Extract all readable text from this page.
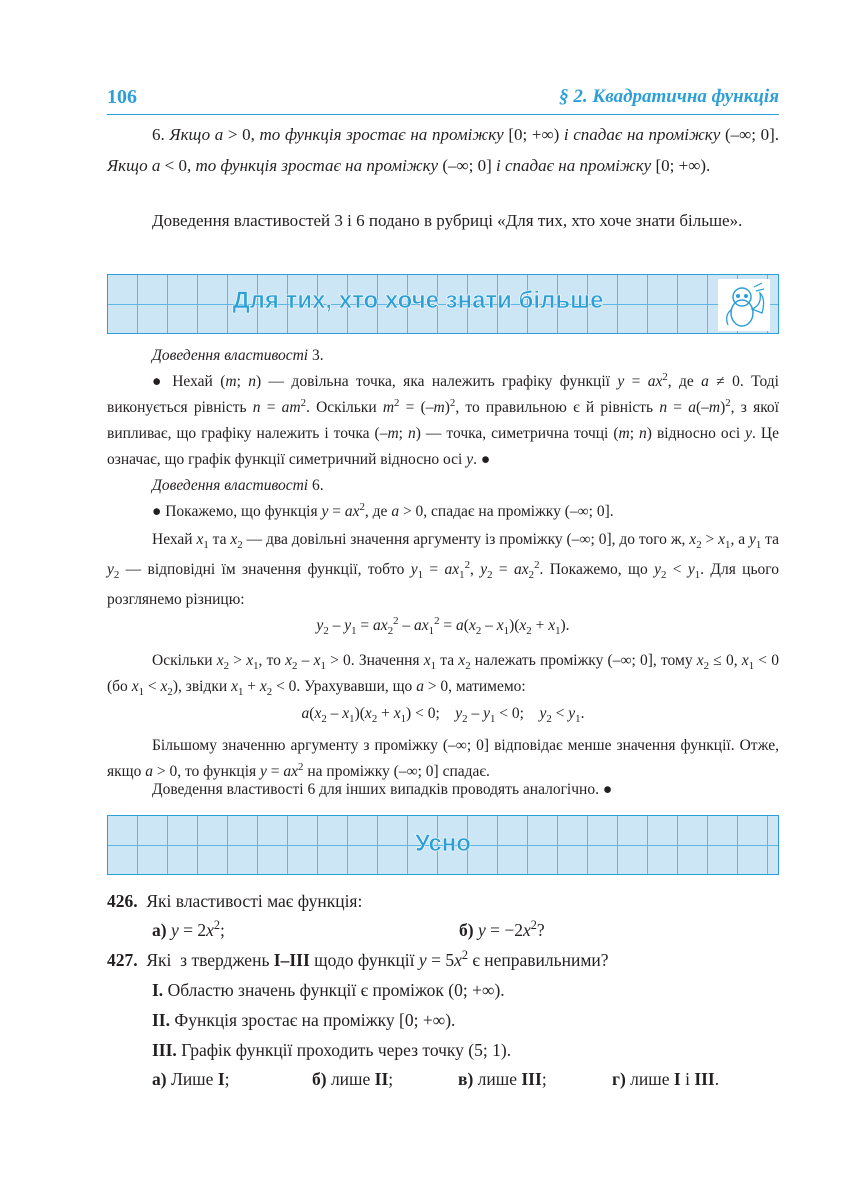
106	§ 2. Квадратична функція
6. Якщо a > 0, то функція зростає на проміжку [0; +∞) і спадає на проміжку (–∞; 0]. Якщо a < 0, то функція зростає на проміжку (–∞; 0] і спадає на проміжку [0; +∞).
Доведення властивостей 3 і 6 подано в рубриці «Для тих, хто хоче знати більше».
Для тих, хто хоче знати більше
Доведення властивості 3.
● Нехай (m; n) — довільна точка, яка належить графіку функції $y = ax^2$, де a ≠ 0. Тоді виконується рівність $n = am^2$. Оскільки $m^2 = (-m)^2$, то правильною є й рівність $n = a(-m)^2$, з якої випливає, що графіку належить і точка (–m; n) — точка, симетрична точці (m; n) відносно осі y. Це означає, що графік функції симетричний відносно осі y. ●
Доведення властивості 6.
● Покажемо, що функція $y = ax^2$, де a > 0, спадає на проміжку (–∞; 0].
Нехай $x_1$ та $x_2$ — два довільні значення аргументу із проміжку (–∞; 0], до того ж, $x_2 > x_1$, а $y_1$ та $y_2$ — відповідні їм значення функції, тобто $y_1 = ax_1^2$, $y_2 = ax_2^2$. Покажемо, що $y_2 < y_1$. Для цього розглянемо різницю:
$y_2 - y_1 = ax_2^2 - ax_1^2 = a(x_2 - x_1)(x_2 + x_1)$.
Оскільки $x_2 > x_1$, то $x_2 - x_1 > 0$. Значення $x_1$ та $x_2$ належать проміжку (–∞; 0], тому $x_2 \le 0$, $x_1 < 0$ (бо $x_1 < x_2$), звідки $x_1 + x_2 < 0$. Урахувавши, що a > 0, матимемо:
$a(x_2 - x_1)(x_2 + x_1) < 0$;    $y_2 - y_1 < 0$;    $y_2 < y_1$.
Більшому значенню аргументу з проміжку (–∞; 0] відповідає менше значення функції. Отже, якщо a > 0, то функція $y = ax^2$ на проміжку (–∞; 0] спадає.
Доведення властивості 6 для інших випадків проводять аналогічно. ●
Усно
426. Які властивості має функція:
а) $y = 2x^2$;	б) $y = -2x^2$?
427.  Які  з тверджень I–III щодо функції $y = 5x^2$ є неправильними?
I. Областю значень функції є проміжок (0; +∞).
II. Функція зростає на проміжку [0; +∞).
III. Графік функції проходить через точку (5; 1).
а) Лише I;	б) лише II;	в) лише III;	г) лише I і III.
